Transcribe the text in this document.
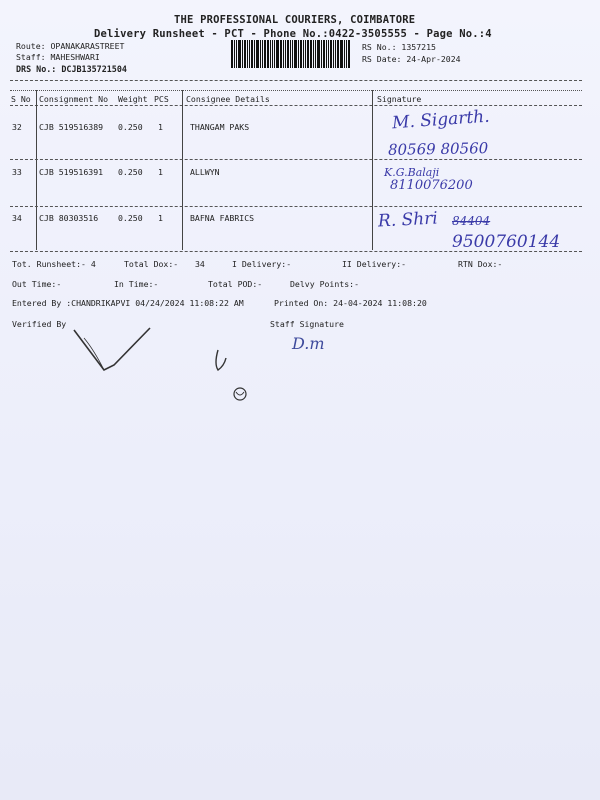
THE PROFESSIONAL COURIERS, COIMBATORE
Delivery Runsheet - PCT - Phone No.:0422-3505555 - Page No.:4
Route: OPANAKARASTREET
Staff: MAHESHWARI
DRS No.: DCJB135721504
RS No.: 1357215
RS Date: 24-Apr-2024
S No Consignment No Weight PCS Consignee Details	Signature
32 CJB 519516389 0.250 1	THANGAM PAKS	M. Sigarth.
80569 80560
33 CJB 519516391 0.250 1	ALLWYN	K.G.Balaji
8110076200
34 CJB 80303516 0.250 1	BAFNA FABRICS	R. Shri 84404
9500760144
Tot. Runsheet:- 4	Total Dox:- 34	I Delivery:-	II Delivery:-	RTN Dox:-
Out Time:-	In Time:-	Total POD:-	Delvy Points:-
Entered By :CHANDRIKAPVI 04/24/2024 11:08:22 AM	Printed On: 24-04-2024 11:08:20
Verified By	Staff Signature
D.m
